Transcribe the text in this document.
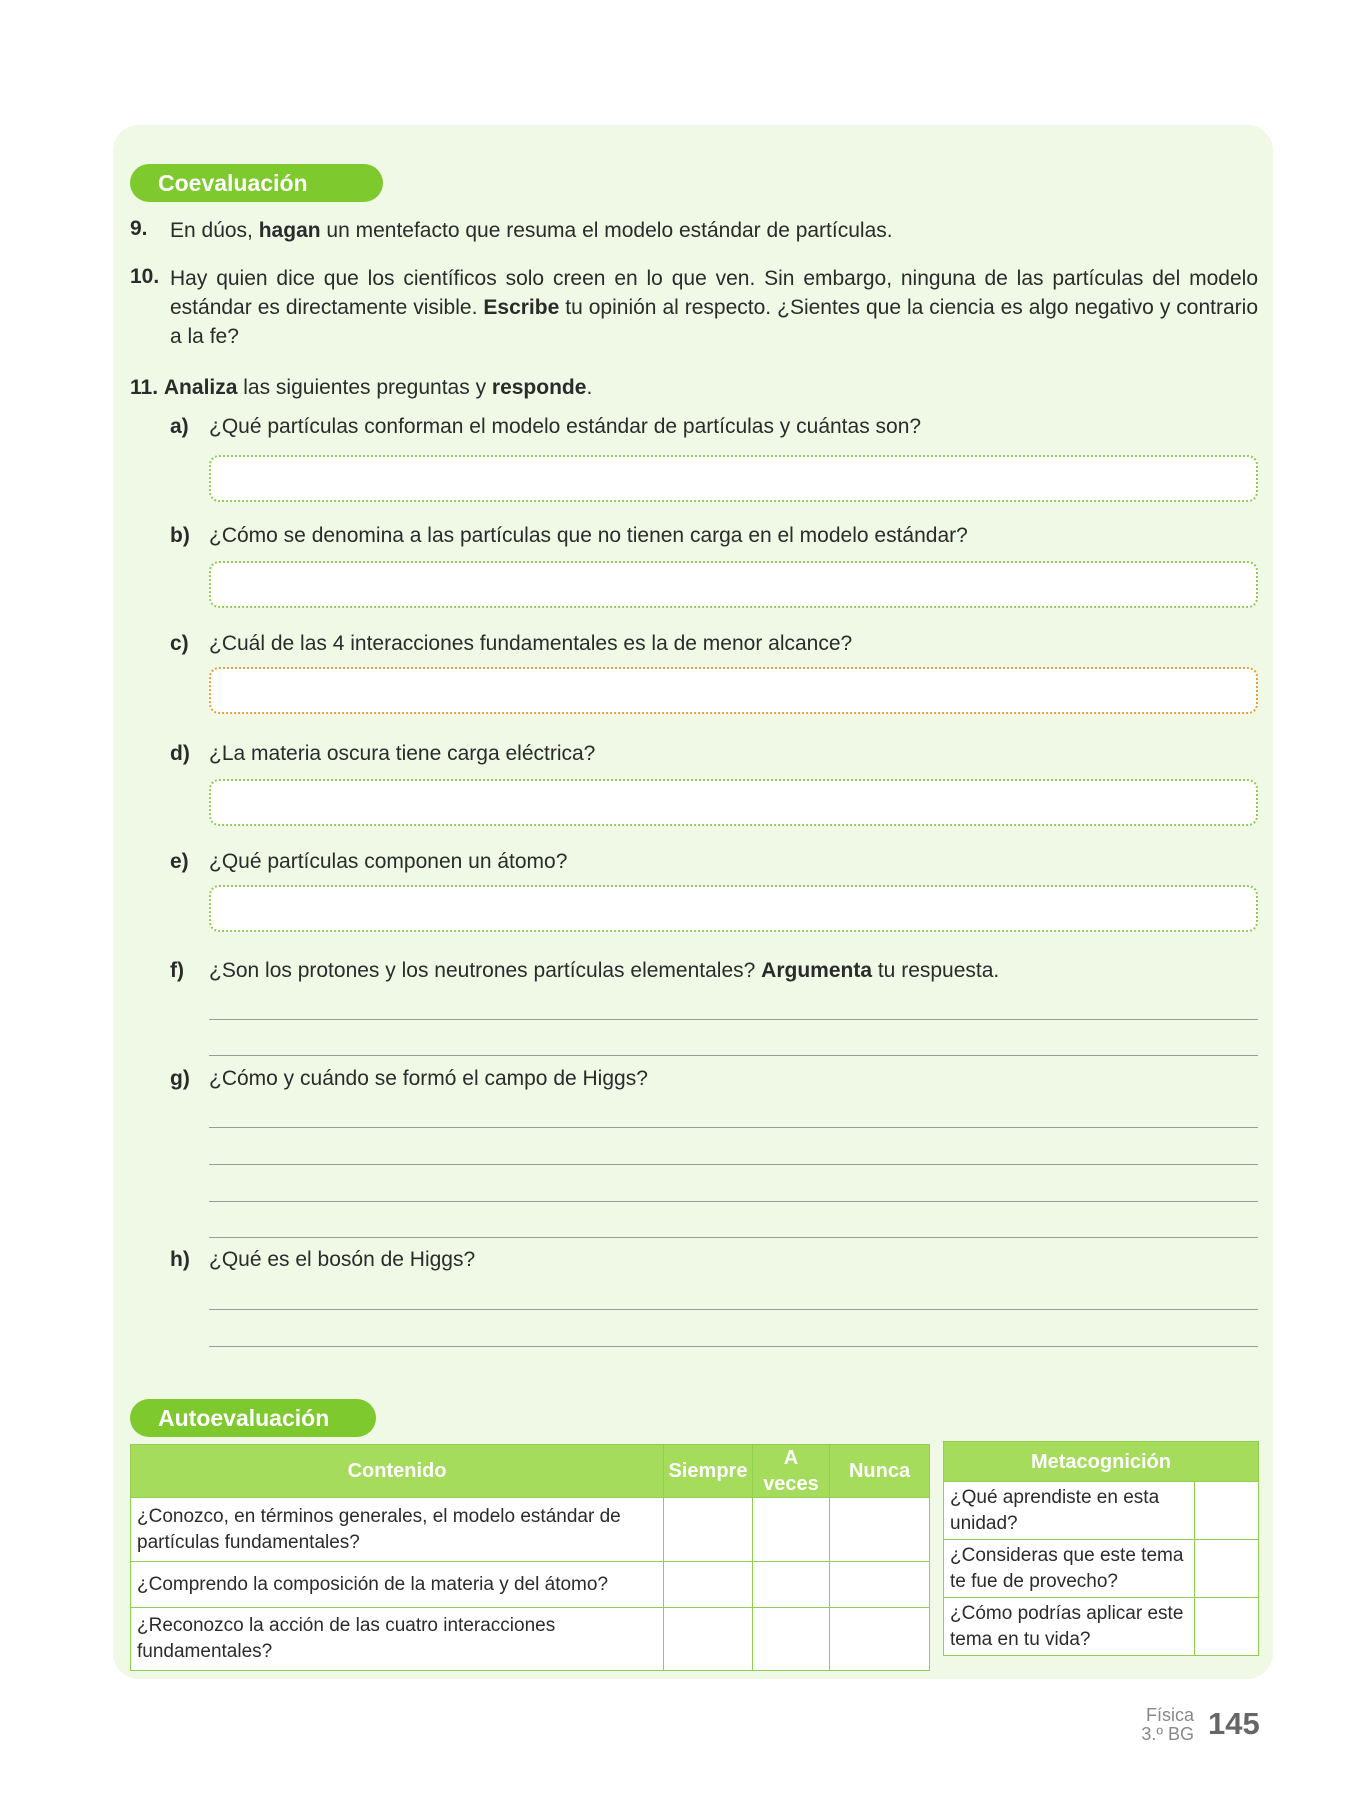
Coevaluación
9. En dúos, hagan un mentefacto que resuma el modelo estándar de partículas.
10. Hay quien dice que los científicos solo creen en lo que ven. Sin embargo, ninguna de las partículas del modelo estándar es directamente visible. Escribe tu opinión al respecto. ¿Sientes que la ciencia es algo negativo y contrario a la fe?
11. Analiza las siguientes preguntas y responde.
a) ¿Qué partículas conforman el modelo estándar de partículas y cuántas son?
b) ¿Cómo se denomina a las partículas que no tienen carga en el modelo estándar?
c) ¿Cuál de las 4 interacciones fundamentales es la de menor alcance?
d) ¿La materia oscura tiene carga eléctrica?
e) ¿Qué partículas componen un átomo?
f) ¿Son los protones y los neutrones partículas elementales? Argumenta tu respuesta.
g) ¿Cómo y cuándo se formó el campo de Higgs?
h) ¿Qué es el bosón de Higgs?
Autoevaluación
Contenido	Siempre	A veces	Nunca
¿Conozco, en términos generales, el modelo estándar de partículas fundamentales?			
¿Comprendo la composición de la materia y del átomo?			
¿Reconozco la acción de las cuatro interacciones fundamentales?			
Metacognición	
¿Qué aprendiste en esta unidad?	
¿Consideras que este tema te fue de provecho?	
¿Cómo podrías aplicar este tema en tu vida?	
Física
3.º BG 145
